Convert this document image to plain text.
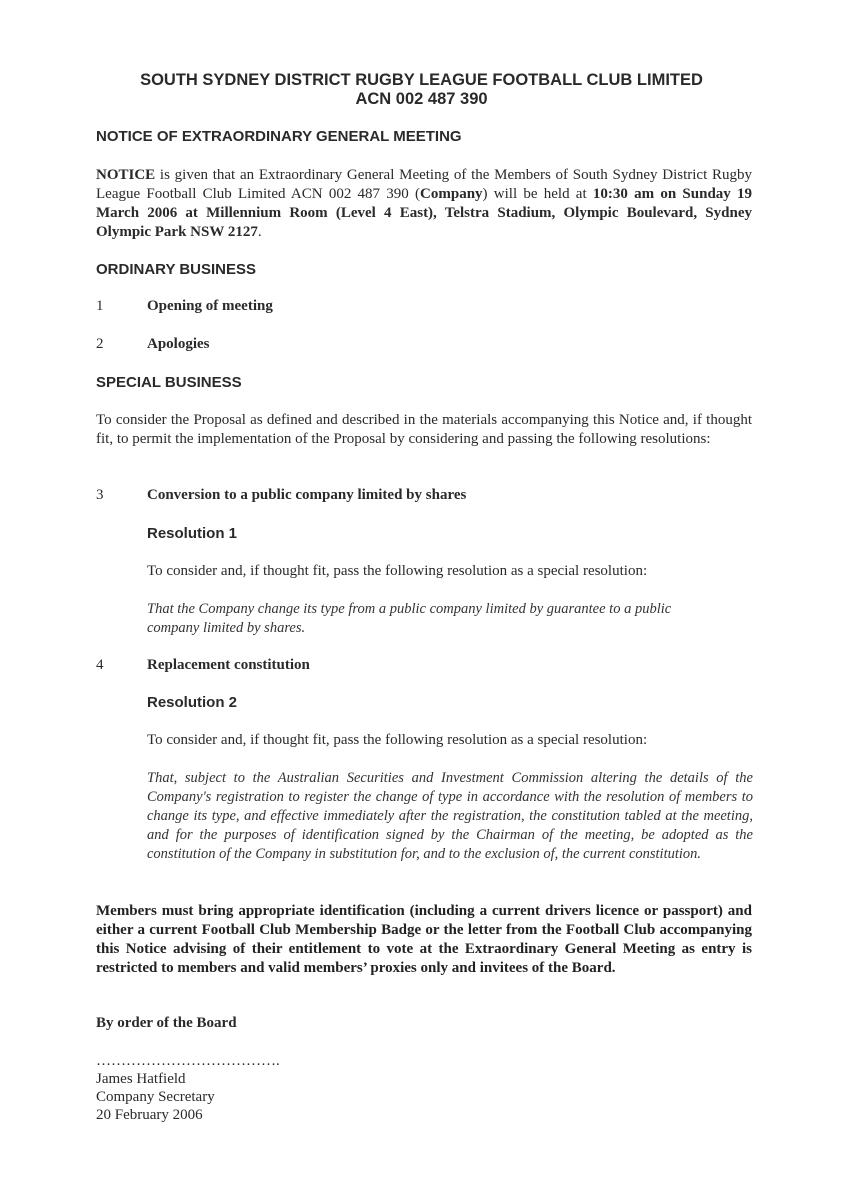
SOUTH SYDNEY DISTRICT RUGBY LEAGUE FOOTBALL CLUB LIMITED
ACN 002 487 390
NOTICE OF EXTRAORDINARY GENERAL MEETING
NOTICE is given that an Extraordinary General Meeting of the Members of South Sydney District Rugby League Football Club Limited ACN 002 487 390 (Company) will be held at 10:30 am on Sunday 19 March 2006 at Millennium Room (Level 4 East), Telstra Stadium, Olympic Boulevard, Sydney Olympic Park NSW 2127.
ORDINARY BUSINESS
1	Opening of meeting
2	Apologies
SPECIAL BUSINESS
To consider the Proposal as defined and described in the materials accompanying this Notice and, if thought fit, to permit the implementation of the Proposal by considering and passing the following resolutions:
3	Conversion to a public company limited by shares
Resolution 1
To consider and, if thought fit, pass the following resolution as a special resolution:
That the Company change its type from a public company limited by guarantee to a public company limited by shares.
4	Replacement constitution
Resolution 2
To consider and, if thought fit, pass the following resolution as a special resolution:
That, subject to the Australian Securities and Investment Commission altering the details of the Company's registration to register the change of type in accordance with the resolution of members to change its type, and effective immediately after the registration, the constitution tabled at the meeting, and for the purposes of identification signed by the Chairman of the meeting, be adopted as the constitution of the Company in substitution for, and to the exclusion of, the current constitution.
Members must bring appropriate identification (including a current drivers licence or passport) and either a current Football Club Membership Badge or the letter from the Football Club accompanying this Notice advising of their entitlement to vote at the Extraordinary General Meeting as entry is restricted to members and valid members’ proxies only and invitees of the Board.
By order of the Board
……………………………….
James Hatfield
Company Secretary
20 February 2006
